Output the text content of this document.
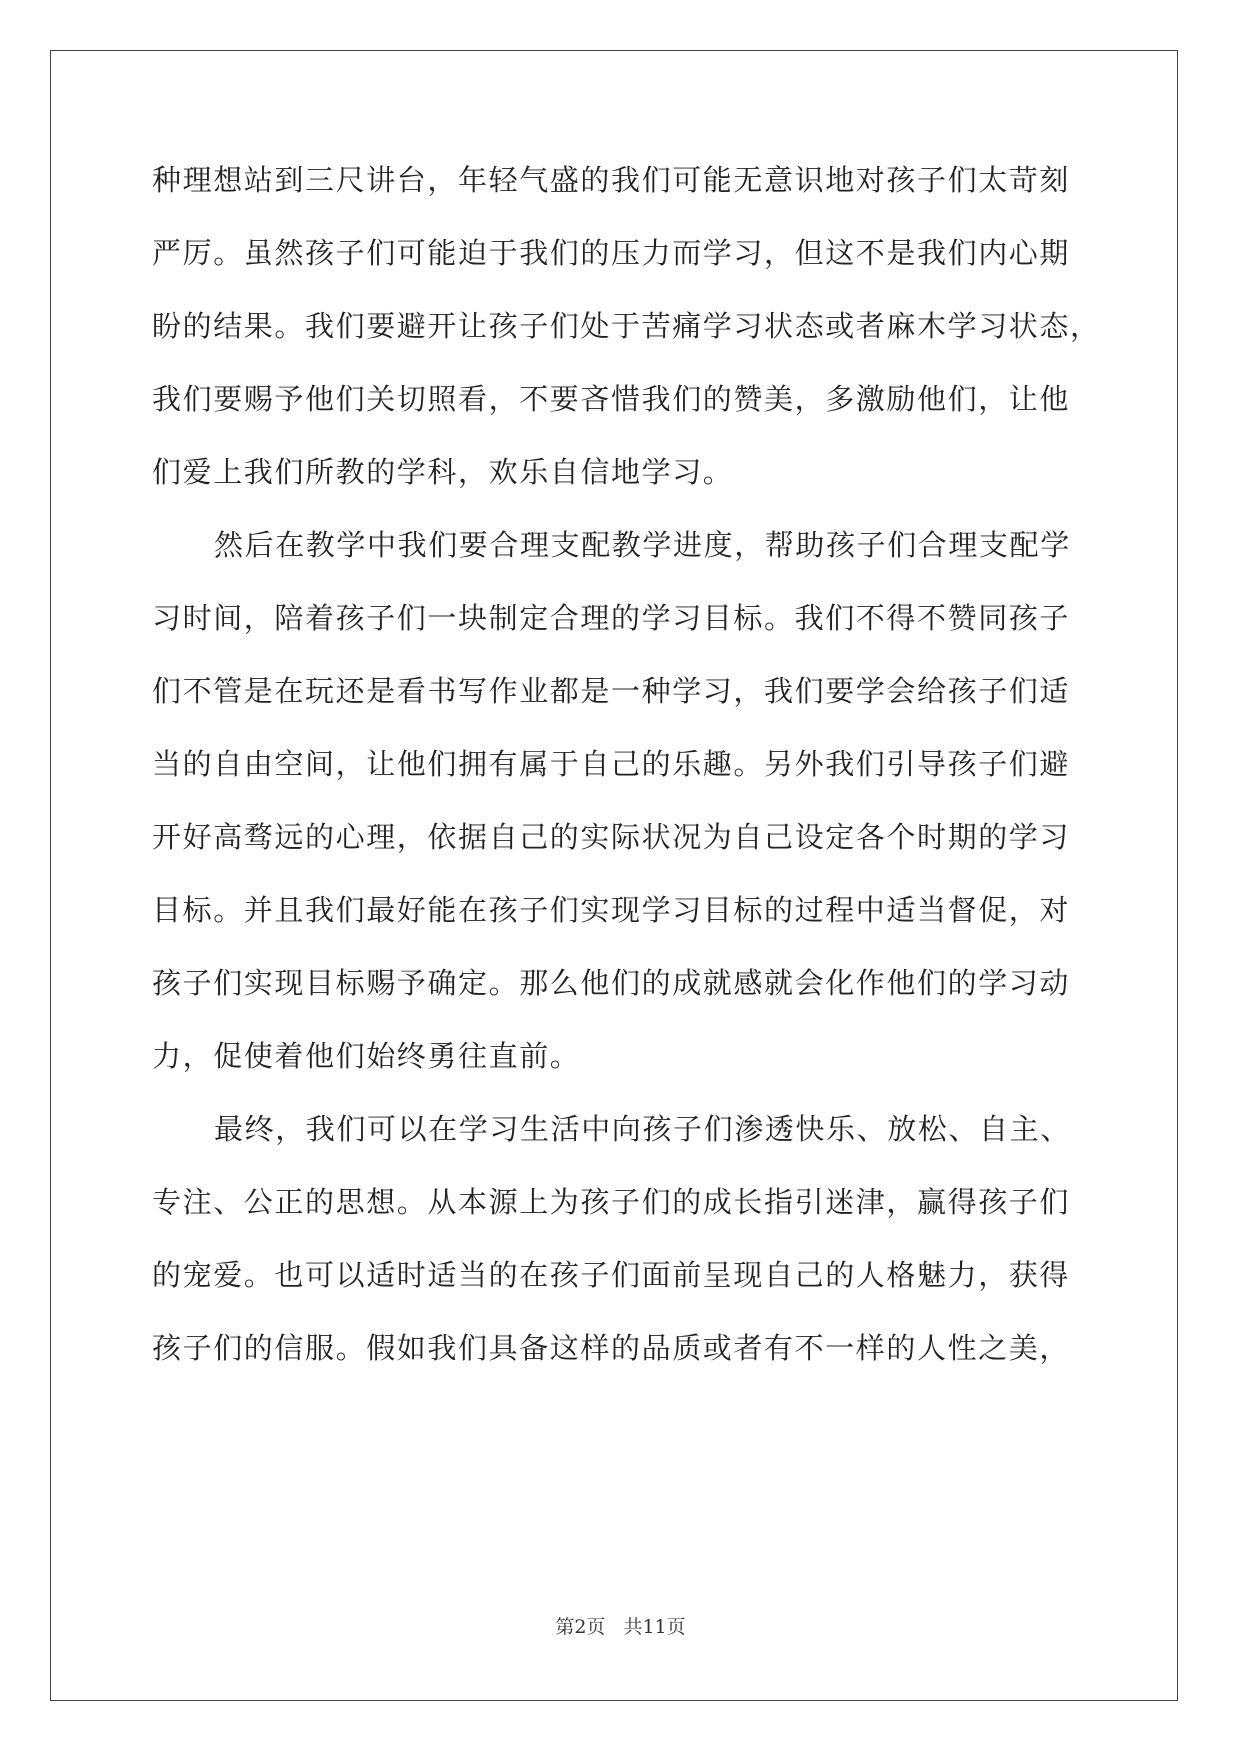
种理想站到三尺讲台，年轻气盛的我们可能无意识地对孩子们太苛刻
严厉。虽然孩子们可能迫于我们的压力而学习，但这不是我们内心期
盼的结果。我们要避开让孩子们处于苦痛学习状态或者麻木学习状态，
我们要赐予他们关切照看，不要吝惜我们的赞美，多激励他们，让他
们爱上我们所教的学科，欢乐自信地学习。
然后在教学中我们要合理支配教学进度，帮助孩子们合理支配学
习时间，陪着孩子们一块制定合理的学习目标。我们不得不赞同孩子
们不管是在玩还是看书写作业都是一种学习，我们要学会给孩子们适
当的自由空间，让他们拥有属于自己的乐趣。另外我们引导孩子们避
开好高骛远的心理，依据自己的实际状况为自己设定各个时期的学习
目标。并且我们最好能在孩子们实现学习目标的过程中适当督促，对
孩子们实现目标赐予确定。那么他们的成就感就会化作他们的学习动
力，促使着他们始终勇往直前。
最终，我们可以在学习生活中向孩子们渗透快乐、放松、自主、
专注、公正的思想。从本源上为孩子们的成长指引迷津，赢得孩子们
的宠爱。也可以适时适当的在孩子们面前呈现自己的人格魅力，获得
孩子们的信服。假如我们具备这样的品质或者有不一样的人性之美，
第2页 共11页
